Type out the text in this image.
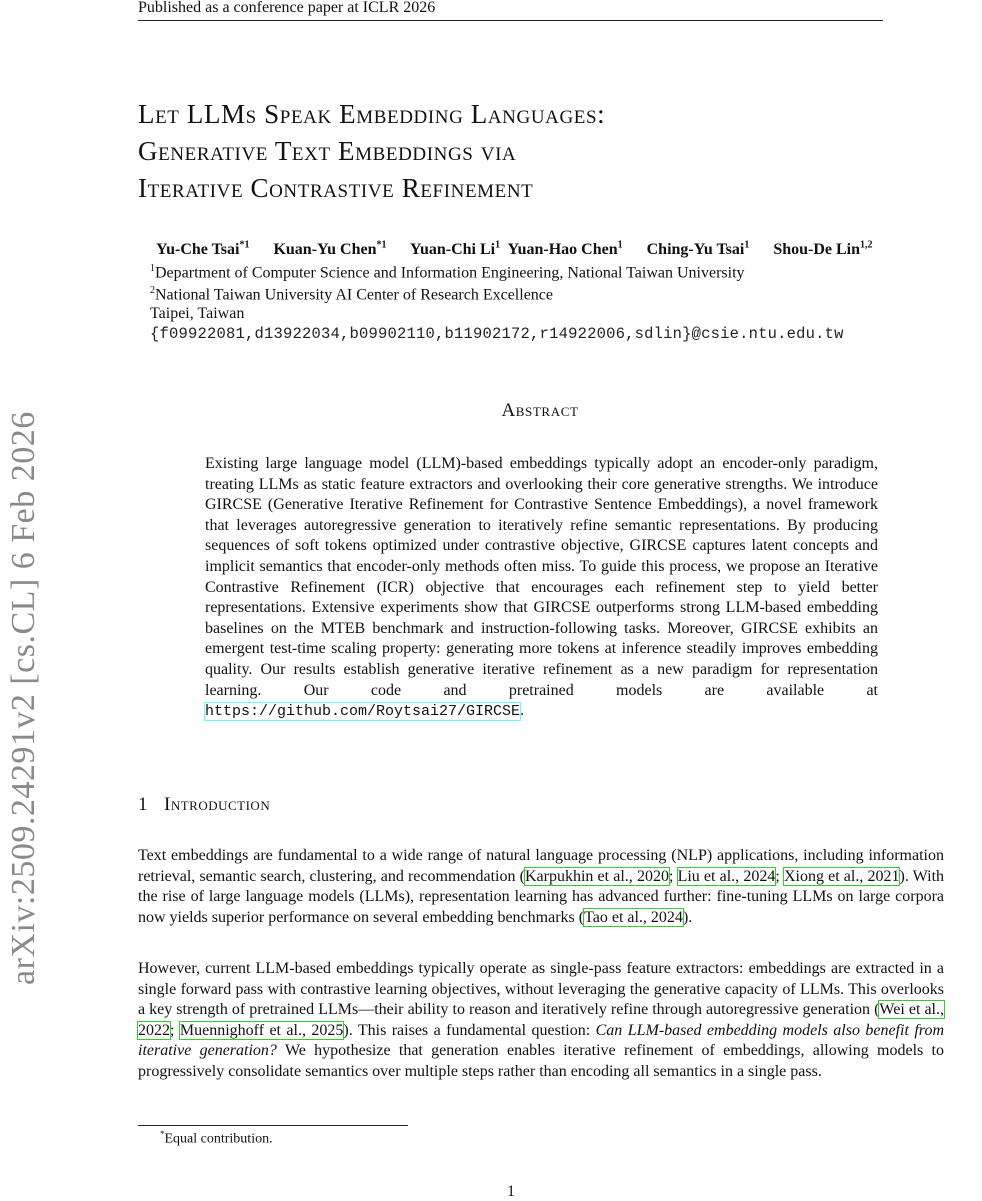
Published as a conference paper at ICLR 2026
arXiv:2509.24291v2 [cs.CL] 6 Feb 2026
Let LLMs Speak Embedding Languages:
Generative Text Embeddings via
Iterative Contrastive Refinement
Yu-Che Tsai$^{*1}$ Kuan-Yu Chen$^{*1}$ Yuan-Chi Li$^1$ Yuan-Hao Chen$^1$ Ching-Yu Tsai$^1$ Shou-De Lin$^{1,2}$
$^1$Department of Computer Science and Information Engineering, National Taiwan University
$^2$National Taiwan University AI Center of Research Excellence
Taipei, Taiwan
{f09922081,d13922034,b09902110,b11902172,r14922006,sdlin}@csie.ntu.edu.tw
Abstract
Existing large language model (LLM)-based embeddings typically adopt an encoder-only paradigm, treating LLMs as static feature extractors and overlooking their core generative strengths. We introduce GIRCSE (Generative Iterative Refinement for Contrastive Sentence Embeddings), a novel framework that leverages autoregressive generation to iteratively refine semantic representations. By producing sequences of soft tokens optimized under contrastive objective, GIRCSE captures latent concepts and implicit semantics that encoder-only methods often miss. To guide this process, we propose an Iterative Contrastive Refinement (ICR) objective that encourages each refinement step to yield better representations. Extensive experiments show that GIRCSE outperforms strong LLM-based embedding baselines on the MTEB benchmark and instruction-following tasks. Moreover, GIRCSE exhibits an emergent test-time scaling property: generating more tokens at inference steadily improves embedding quality. Our results establish generative iterative refinement as a new paradigm for representation learning. Our code and pretrained models are available at https://github.com/Roytsai27/GIRCSE.
1 Introduction
Text embeddings are fundamental to a wide range of natural language processing (NLP) applications, including information retrieval, semantic search, clustering, and recommendation (Karpukhin et al., 2020; Liu et al., 2024; Xiong et al., 2021). With the rise of large language models (LLMs), representation learning has advanced further: fine-tuning LLMs on large corpora now yields superior performance on several embedding benchmarks (Tao et al., 2024).
However, current LLM-based embeddings typically operate as single-pass feature extractors: embeddings are extracted in a single forward pass with contrastive learning objectives, without leveraging the generative capacity of LLMs. This overlooks a key strength of pretrained LLMs—their ability to reason and iteratively refine through autoregressive generation (Wei et al., 2022; Muennighoff et al., 2025). This raises a fundamental question: Can LLM-based embedding models also benefit from iterative generation? We hypothesize that generation enables iterative refinement of embeddings, allowing models to progressively consolidate semantics over multiple steps rather than encoding all semantics in a single pass.
*Equal contribution.
1
